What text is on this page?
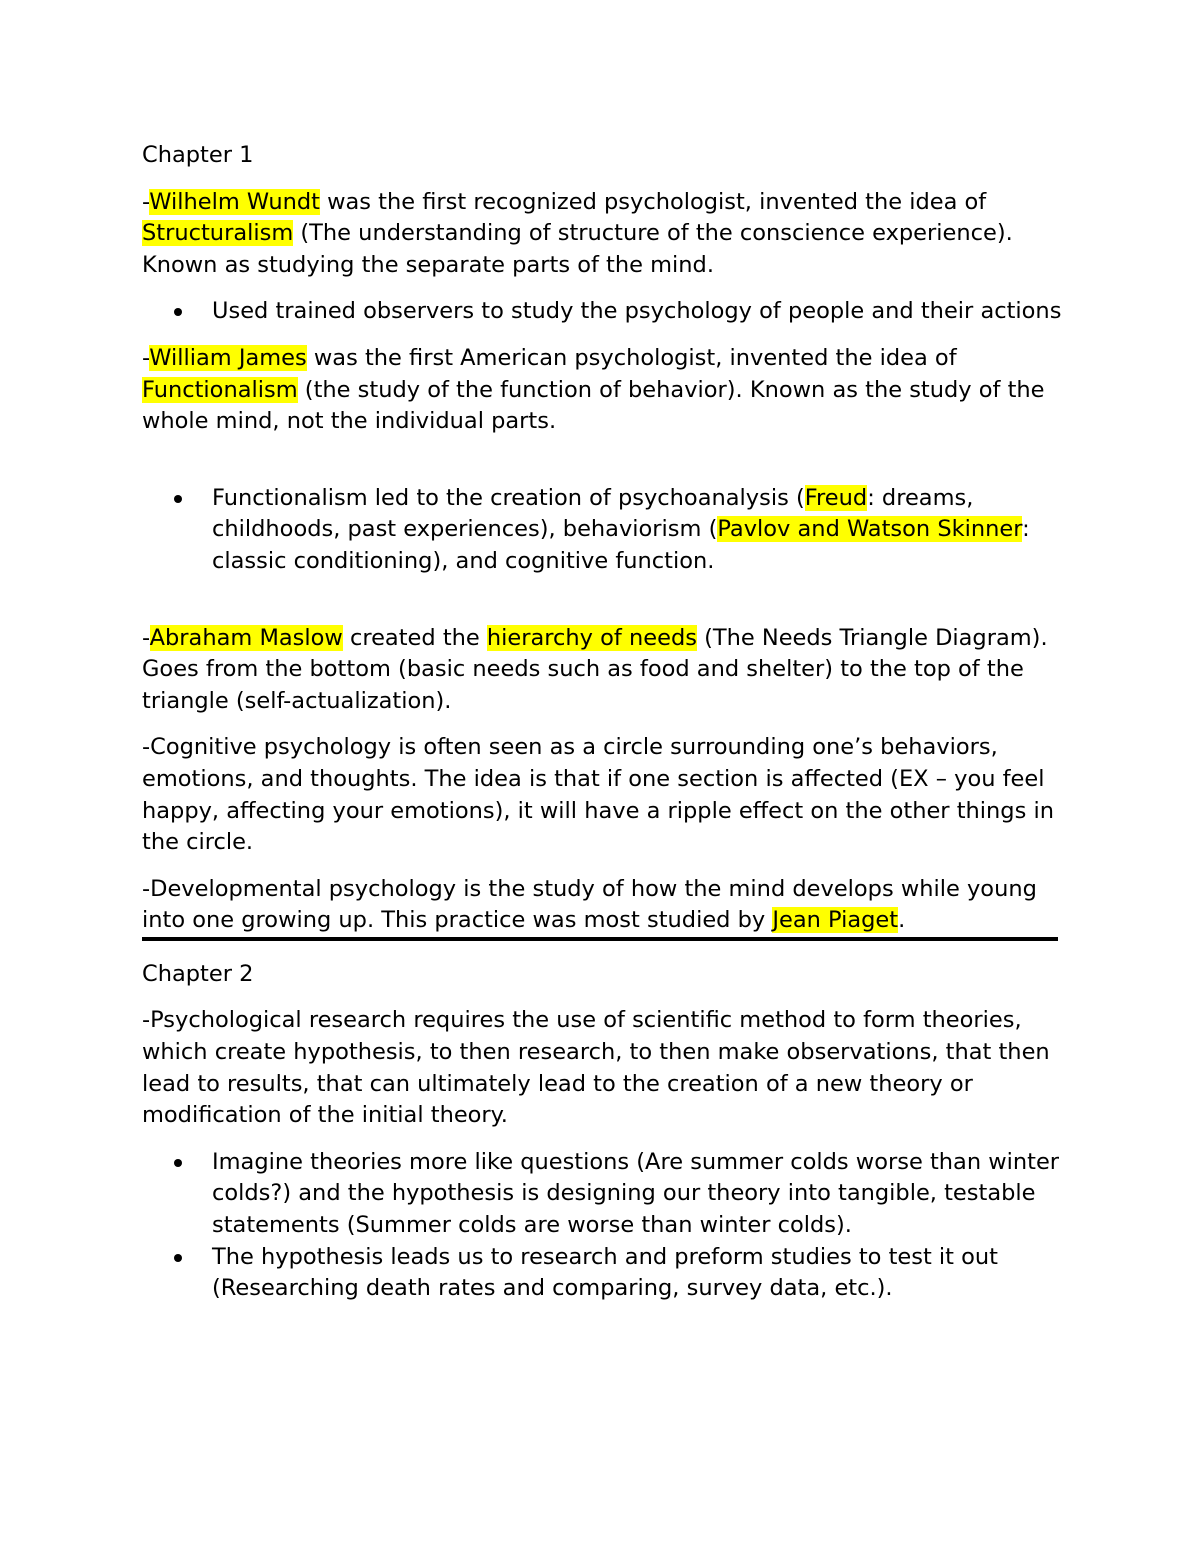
Chapter 1

-Wilhelm Wundt was the first recognized psychologist, invented the idea of Structuralism (The understanding of structure of the conscience experience). Known as studying the separate parts of the mind.

Used trained observers to study the psychology of people and their actions

-William James was the first American psychologist, invented the idea of Functionalism (the study of the function of behavior). Known as the study of the whole mind, not the individual parts.

Functionalism led to the creation of psychoanalysis (Freud: dreams, childhoods, past experiences), behaviorism (Pavlov and Watson Skinner: classic conditioning), and cognitive function.

-Abraham Maslow created the hierarchy of needs (The Needs Triangle Diagram). Goes from the bottom (basic needs such as food and shelter) to the top of the triangle (self-actualization).

-Cognitive psychology is often seen as a circle surrounding one’s behaviors, emotions, and thoughts. The idea is that if one section is affected (EX – you feel happy, affecting your emotions), it will have a ripple effect on the other things in the circle.

-Developmental psychology is the study of how the mind develops while young into one growing up. This practice was most studied by Jean Piaget.

Chapter 2

-Psychological research requires the use of scientific method to form theories, which create hypothesis, to then research, to then make observations, that then lead to results, that can ultimately lead to the creation of a new theory or modification of the initial theory.

Imagine theories more like questions (Are summer colds worse than winter colds?) and the hypothesis is designing our theory into tangible, testable statements (Summer colds are worse than winter colds).
The hypothesis leads us to research and preform studies to test it out (Researching death rates and comparing, survey data, etc.).
